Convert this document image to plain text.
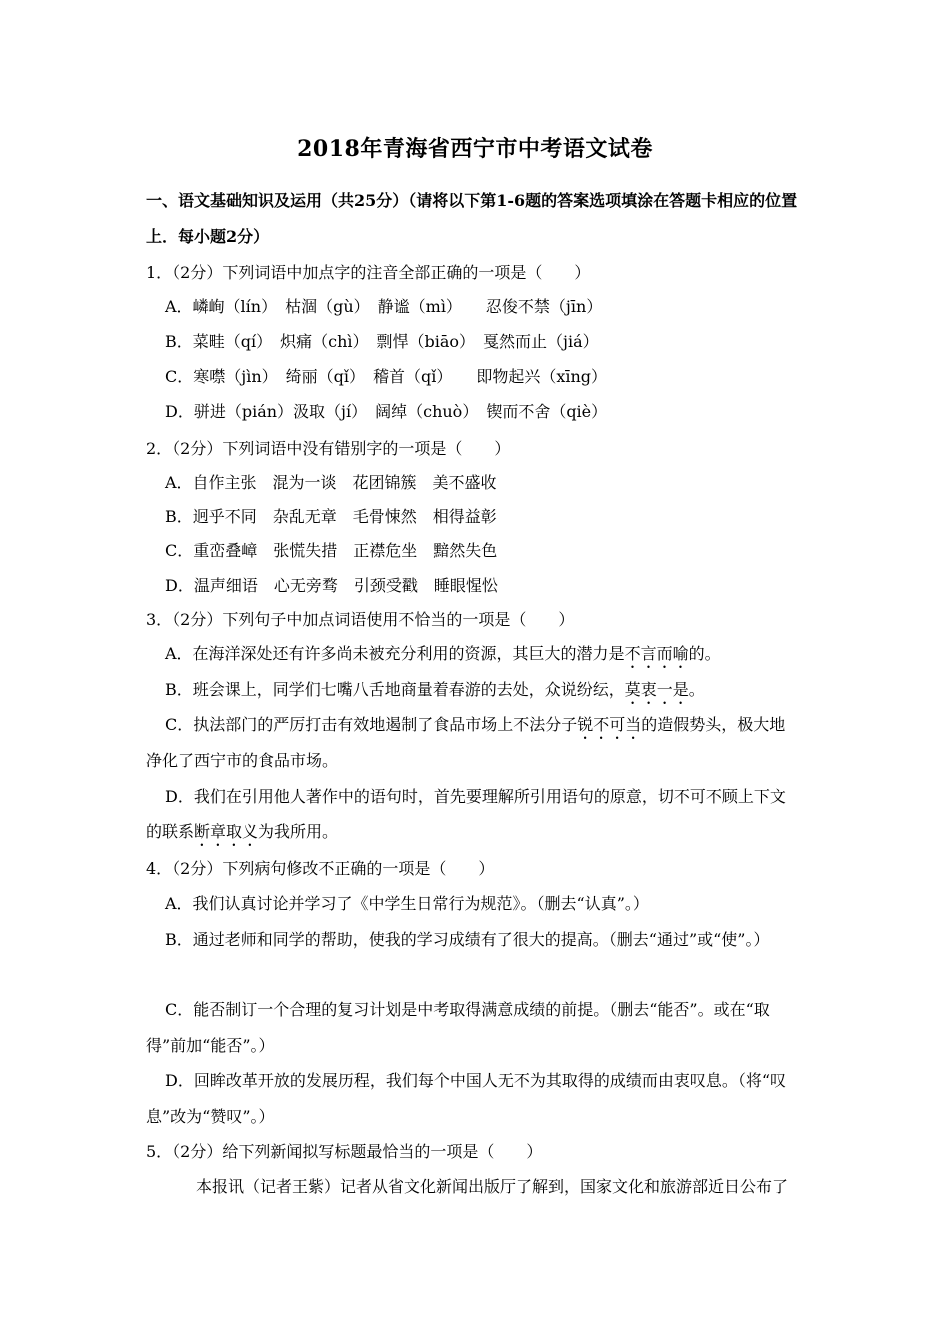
2018年青海省西宁市中考语文试卷
一、语文基础知识及运用（共25分）（请将以下第1-6题的答案选项填涂在答题卡相应的位置
上．每小题2分）
1．（2分）下列词语中加点字的注音全部正确的一项是（　　）
A．嶙峋（lín）　枯涸（gù）　静谧（mì）　　忍俊不禁（jīn）
B．菜畦（qí）　炽痛（chì）　剽悍（biāo）　戛然而止（jiá）
C．寒噤（jìn）　绮丽（qǐ）　稽首（qǐ）　　即物起兴（xīng）
D．骈进（pián）汲取（jí）　阔绰（chuò）　锲而不舍（qiè）
2．（2分）下列词语中没有错别字的一项是（　　）
A．自作主张　混为一谈　花团锦簇　美不盛收
B．迥乎不同　杂乱无章　毛骨悚然　相得益彰
C．重峦叠嶂　张慌失措　正襟危坐　黯然失色
D．温声细语　心无旁骛　引颈受戳　睡眼惺忪
3．（2分）下列句子中加点词语使用不恰当的一项是（　　）
A．在海洋深处还有许多尚未被充分利用的资源，其巨大的潜力是不言而喻的。
B．班会课上，同学们七嘴八舌地商量着春游的去处，众说纷纭，莫衷一是。
C．执法部门的严厉打击有效地遏制了食品市场上不法分子锐不可当的造假势头，极大地
净化了西宁市的食品市场。
D．我们在引用他人著作中的语句时，首先要理解所引用语句的原意，切不可不顾上下文
的联系断章取义为我所用。
4．（2分）下列病句修改不正确的一项是（　　）
A．我们认真讨论并学习了《中学生日常行为规范》。（删去“认真”。）
B．通过老师和同学的帮助，使我的学习成绩有了很大的提高。（删去“通过”或“使”。）
C．能否制订一个合理的复习计划是中考取得满意成绩的前提。（删去“能否”。或在“取
得”前加“能否”。）
D．回眸改革开放的发展历程，我们每个中国人无不为其取得的成绩而由衷叹息。（将“叹
息”改为“赞叹”。）
5．（2分）给下列新闻拟写标题最恰当的一项是（　　）
本报讯（记者王紫）记者从省文化新闻出版厅了解到，国家文化和旅游部近日公布了
